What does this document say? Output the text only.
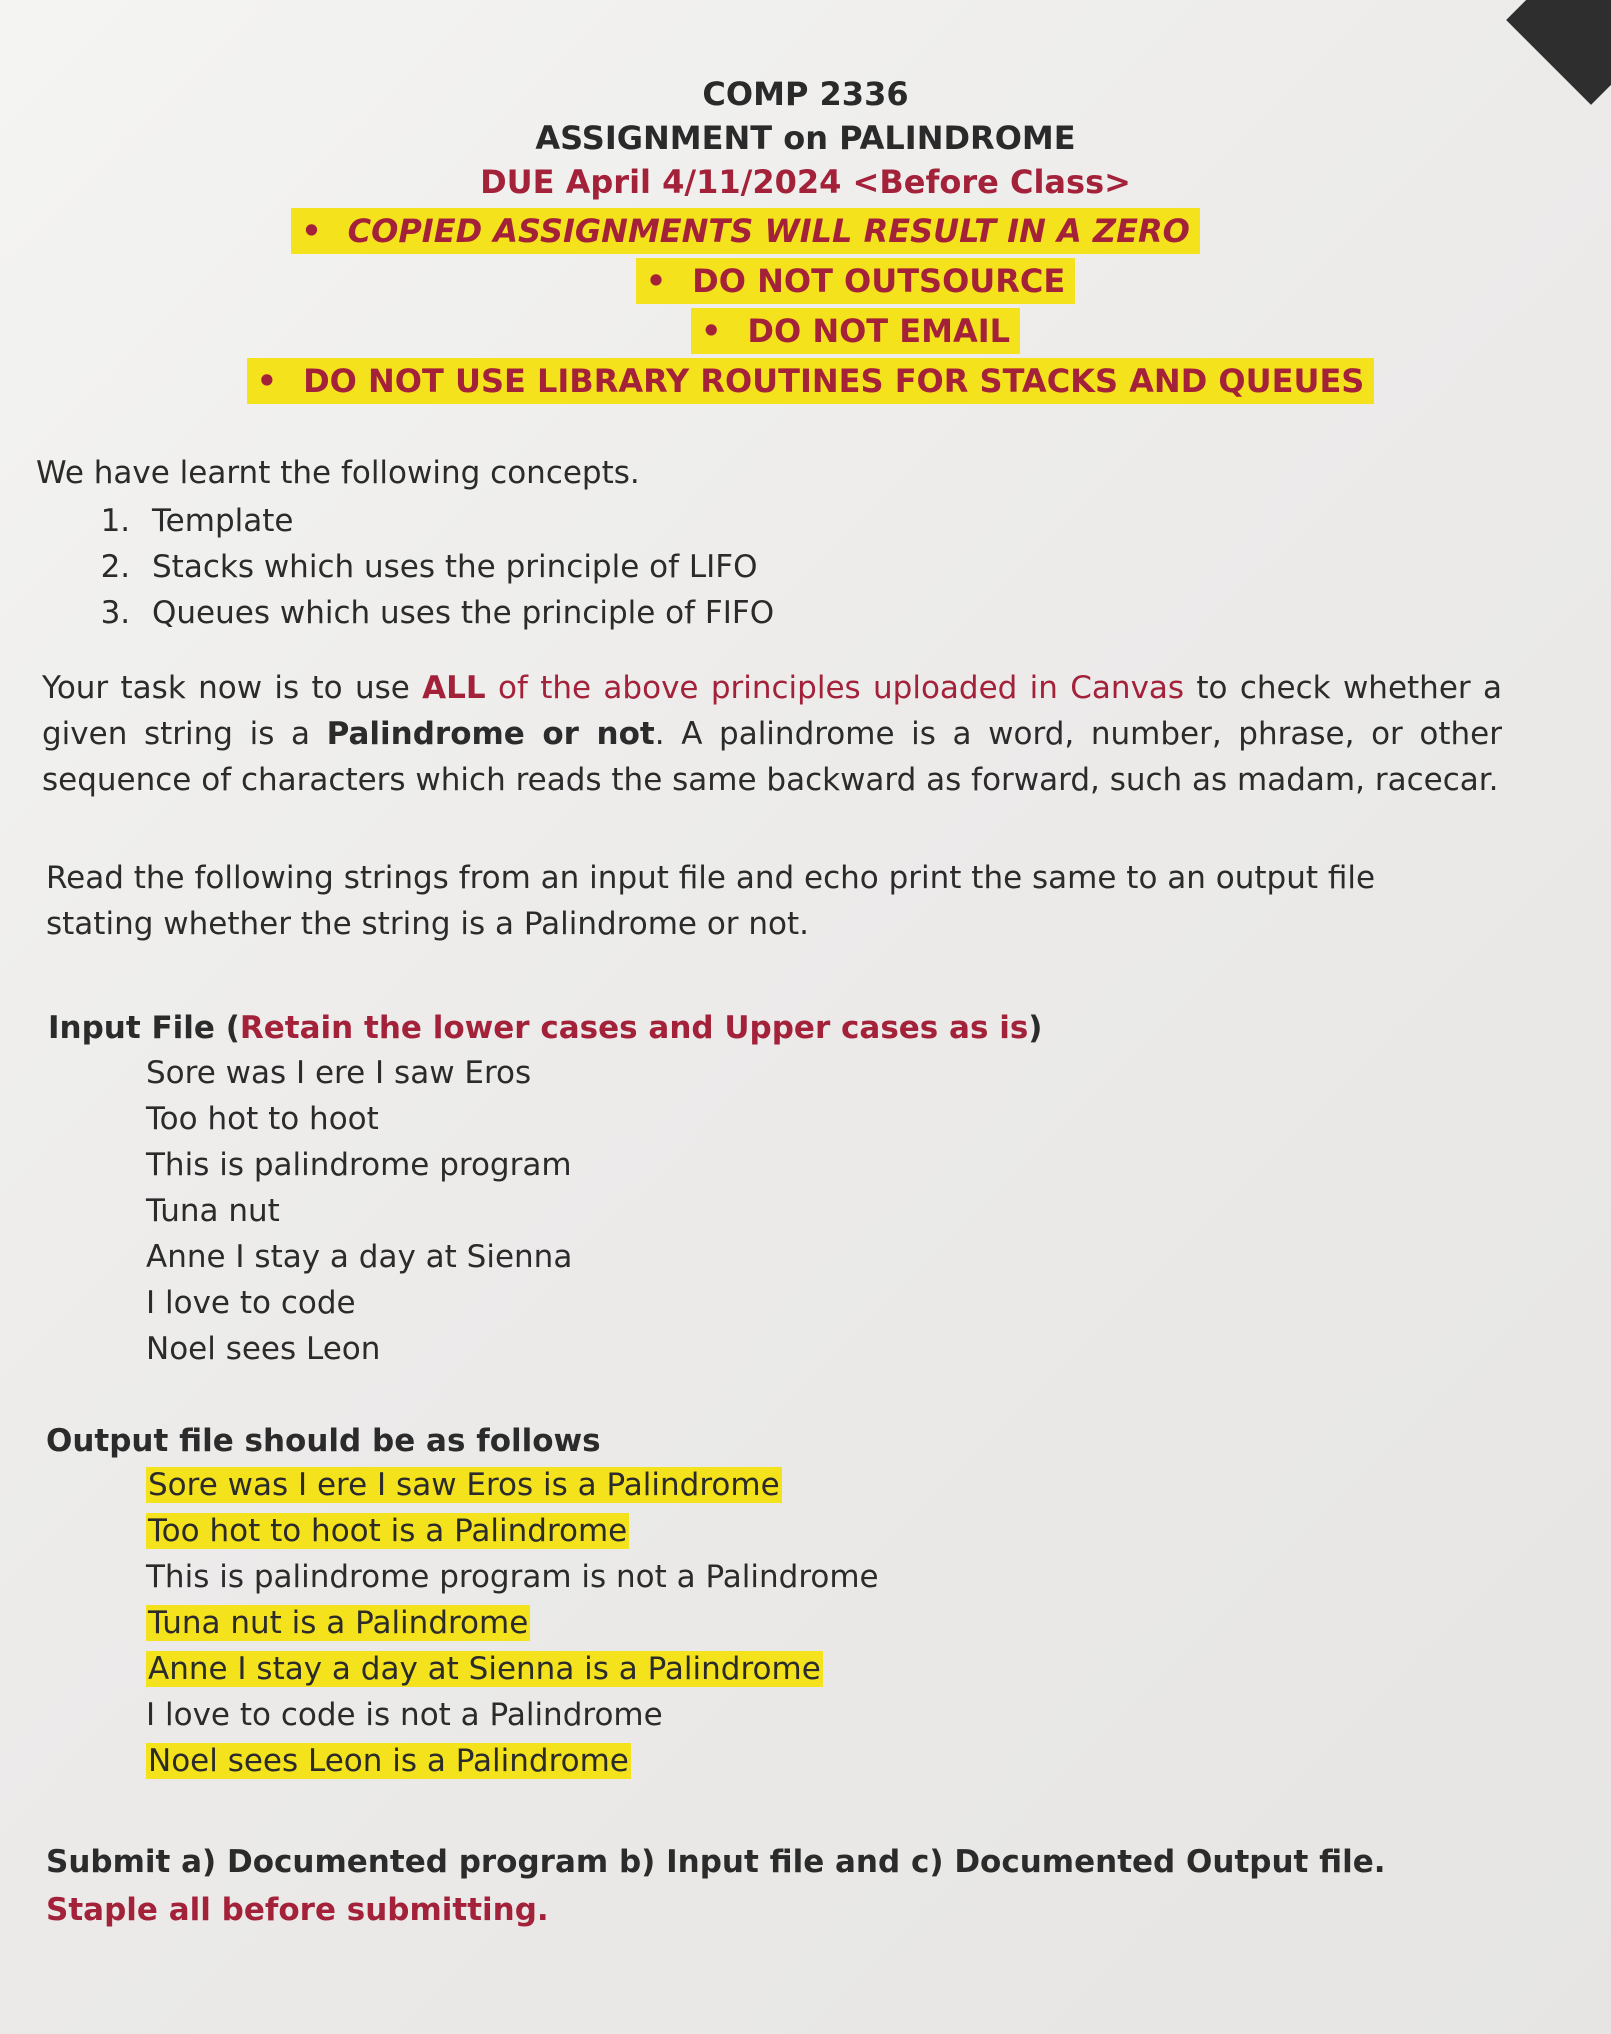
COMP 2336
ASSIGNMENT on PALINDROME
DUE April 4/11/2024 <Before Class>
• COPIED ASSIGNMENTS WILL RESULT IN A ZERO
• DO NOT OUTSOURCE
• DO NOT EMAIL
• DO NOT USE LIBRARY ROUTINES FOR STACKS AND QUEUES
We have learnt the following concepts.
1. Template
2. Stacks which uses the principle of LIFO
3. Queues which uses the principle of FIFO
Your task now is to use ALL of the above principles uploaded in Canvas to check whether a given string is a Palindrome or not. A palindrome is a word, number, phrase, or other sequence of characters which reads the same backward as forward, such as madam, racecar.
Read the following strings from an input file and echo print the same to an output file stating whether the string is a Palindrome or not.
Input File (Retain the lower cases and Upper cases as is)
Sore was I ere I saw Eros
Too hot to hoot
This is palindrome program
Tuna nut
Anne I stay a day at Sienna
I love to code
Noel sees Leon
Output file should be as follows
Sore was I ere I saw Eros is a Palindrome
Too hot to hoot is a Palindrome
This is palindrome program is not a Palindrome
Tuna nut is a Palindrome
Anne I stay a day at Sienna is a Palindrome
I love to code is not a Palindrome
Noel sees Leon is a Palindrome
Submit a) Documented program b) Input file and c) Documented Output file. Staple all before submitting.
